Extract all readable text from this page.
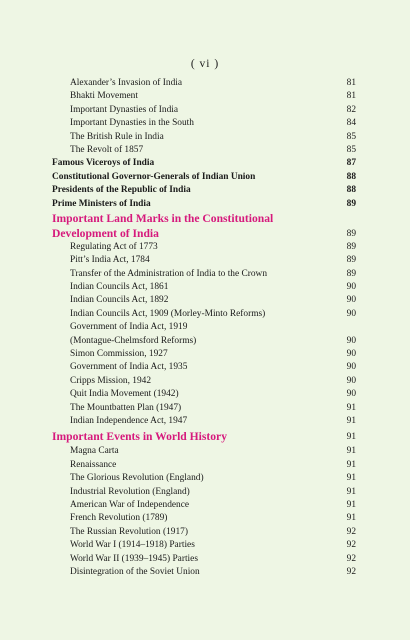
( vi )
Alexander’s Invasion of India	81
Bhakti Movement	81
Important Dynasties of India	82
Important Dynasties in the South	84
The British Rule in India	85
The Revolt of 1857	85
Famous Viceroys of India	87
Constitutional Governor-Generals of Indian Union	88
Presidents of the Republic of India	88
Prime Ministers of India	89
Important Land Marks in the Constitutional
Development of India	89
Regulating Act of 1773	89
Pitt’s India Act, 1784	89
Transfer of the Administration of India to the Crown	89
Indian Councils Act, 1861	90
Indian Councils Act, 1892	90
Indian Councils Act, 1909 (Morley-Minto Reforms)	90
Government of India Act, 1919
(Montague-Chelmsford Reforms)	90
Simon Commission, 1927	90
Government of India Act, 1935	90
Cripps Mission, 1942	90
Quit India Movement (1942)	90
The Mountbatten Plan (1947)	91
Indian Independence Act, 1947	91
Important Events in World History	91
Magna Carta	91
Renaissance	91
The Glorious Revolution (England)	91
Industrial Revolution (England)	91
American War of Independence	91
French Revolution (1789)	91
The Russian Revolution (1917)	92
World War I (1914–1918) Parties	92
World War II (1939–1945) Parties	92
Disintegration of the Soviet Union	92
